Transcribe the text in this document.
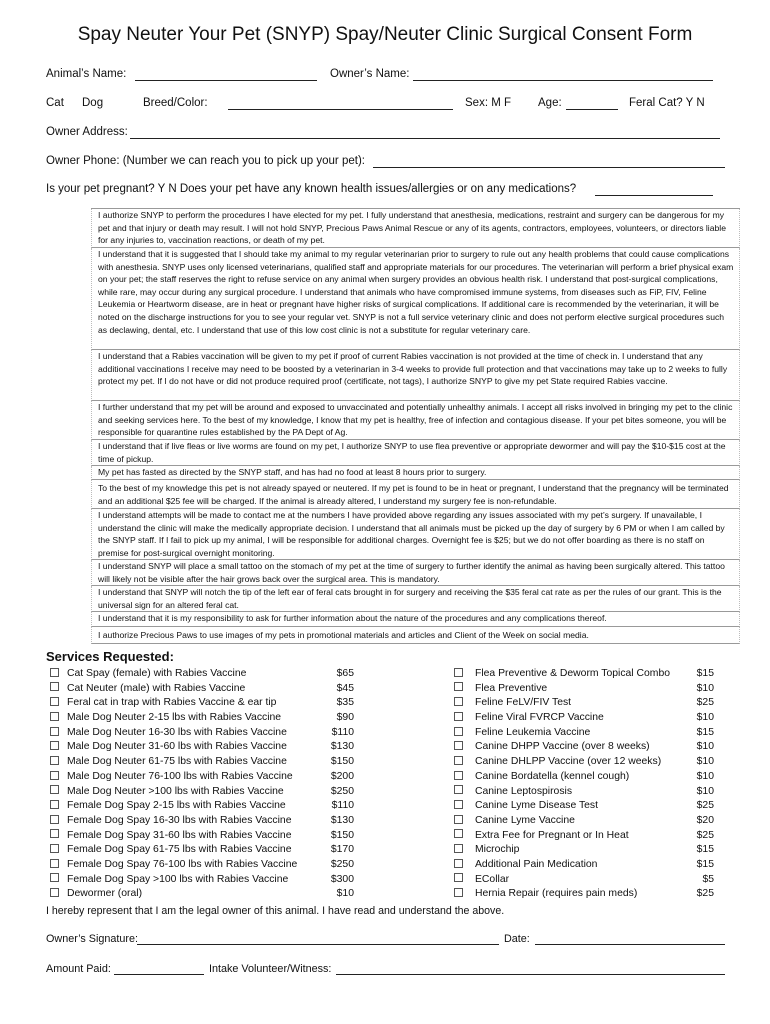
Spay Neuter Your Pet (SNYP) Spay/Neuter Clinic Surgical Consent Form
Animal’s Name:	Owner’s Name:
Cat Dog	Breed/Color:	Sex: M F Age:	Feral Cat? Y N
Owner Address:
Owner Phone: (Number we can reach you to pick up your pet):
Is your pet pregnant? Y N Does your pet have any known health issues/allergies or on any medications?
I authorize SNYP to perform the procedures I have elected for my pet. I fully understand that anesthesia, medications, restraint and surgery can be dangerous for my pet and that injury or death may result. I will not hold SNYP, Precious Paws Animal Rescue or any of its agents, contractors, employees, volunteers, or directors liable for any injuries to, vaccination reactions, or death of my pet.
I understand that it is suggested that I should take my animal to my regular veterinarian prior to surgery to rule out any health problems that could cause complications with anesthesia. SNYP uses only licensed veterinarians, qualified staff and appropriate materials for our procedures. The veterinarian will perform a brief physical exam on your pet; the staff reserves the right to refuse service on any animal when surgery provides an obvious health risk. I understand that post-surgical complications, while rare, may occur during any surgical procedure. I understand that animals who have compromised immune systems, from diseases such as FiP, FIV, Feline Leukemia or Heartworm disease, are in heat or pregnant have higher risks of surgical complications. If additional care is recommended by the veterinarian, it will be noted on the discharge instructions for you to see your regular vet. SNYP is not a full service veterinary clinic and does not perform elective surgical procedures such as declawing, dental, etc. I understand that use of this low cost clinic is not a substitute for regular veterinary care.
I understand that a Rabies vaccination will be given to my pet if proof of current Rabies vaccination is not provided at the time of check in. I understand that any additional vaccinations I receive may need to be boosted by a veterinarian in 3-4 weeks to provide full protection and that vaccinations may take up to 2 weeks to fully protect my pet. If I do not have or did not produce required proof (certificate, not tags), I authorize SNYP to give my pet State required Rabies vaccine.
I further understand that my pet will be around and exposed to unvaccinated and potentially unhealthy animals. I accept all risks involved in bringing my pet to the clinic and seeking services here. To the best of my knowledge, I know that my pet is healthy, free of infection and contagious disease. If your pet bites someone, you will be responsible for quarantine rules established by the PA Dept of Ag.
I understand that if live fleas or live worms are found on my pet, I authorize SNYP to use flea preventive or appropriate dewormer and will pay the $10-$15 cost at the time of pickup.
My pet has fasted as directed by the SNYP staff, and has had no food at least 8 hours prior to surgery.
To the best of my knowledge this pet is not already spayed or neutered. If my pet is found to be in heat or pregnant, I understand that the pregnancy will be terminated and an additional $25 fee will be charged. If the animal is already altered, I understand my surgery fee is non-refundable.
I understand attempts will be made to contact me at the numbers I have provided above regarding any issues associated with my pet’s surgery. If unavailable, I understand the clinic will make the medically appropriate decision. I understand that all animals must be picked up the day of surgery by 6 PM or when I am called by the SNYP staff. If I fail to pick up my animal, I will be responsible for additional charges. Overnight fee is $25; but we do not offer boarding as there is no staff on premise for post-surgical overnight monitoring.
I understand SNYP will place a small tattoo on the stomach of my pet at the time of surgery to further identify the animal as having been surgically altered. This tattoo will likely not be visible after the hair grows back over the surgical area. This is mandatory.
I understand that SNYP will notch the tip of the left ear of feral cats brought in for surgery and receiving the $35 feral cat rate as per the rules of our grant. This is the universal sign for an altered feral cat.
I understand that it is my responsibility to ask for further information about the nature of the procedures and any complications thereof.
I authorize Precious Paws to use images of my pets in promotional materials and articles and Client of the Week on social media.
Services Requested:
Cat Spay (female) with Rabies Vaccine	$65
Cat Neuter (male) with Rabies Vaccine	$45
Feral cat in trap with Rabies Vaccine & ear tip	$35
Male Dog Neuter 2-15 lbs with Rabies Vaccine	$90
Male Dog Neuter 16-30 lbs with Rabies Vaccine	$110
Male Dog Neuter 31-60 lbs with Rabies Vaccine	$130
Male Dog Neuter 61-75 lbs with Rabies Vaccine	$150
Male Dog Neuter 76-100 lbs with Rabies Vaccine	$200
Male Dog Neuter >100 lbs with Rabies Vaccine	$250
Female Dog Spay 2-15 lbs with Rabies Vaccine	$110
Female Dog Spay 16-30 lbs with Rabies Vaccine	$130
Female Dog Spay 31-60 lbs with Rabies Vaccine	$150
Female Dog Spay 61-75 lbs with Rabies Vaccine	$170
Female Dog Spay 76-100 lbs with Rabies Vaccine	$250
Female Dog Spay >100 lbs with Rabies Vaccine	$300
Dewormer (oral)	$10
Flea Preventive & Deworm Topical Combo	$15
Flea Preventive	$10
Feline FeLV/FIV Test	$25
Feline Viral FVRCP Vaccine	$10
Feline Leukemia Vaccine	$15
Canine DHPP Vaccine (over 8 weeks)	$10
Canine DHLPP Vaccine (over 12 weeks)	$10
Canine Bordatella (kennel cough)	$10
Canine Leptospirosis	$10
Canine Lyme Disease Test	$25
Canine Lyme Vaccine	$20
Extra Fee for Pregnant or In Heat	$25
Microchip	$15
Additional Pain Medication	$15
ECollar	$5
Hernia Repair (requires pain meds)	$25
I hereby represent that I am the legal owner of this animal. I have read and understand the above.
Owner’s Signature:	Date:
Amount Paid:	Intake Volunteer/Witness:
